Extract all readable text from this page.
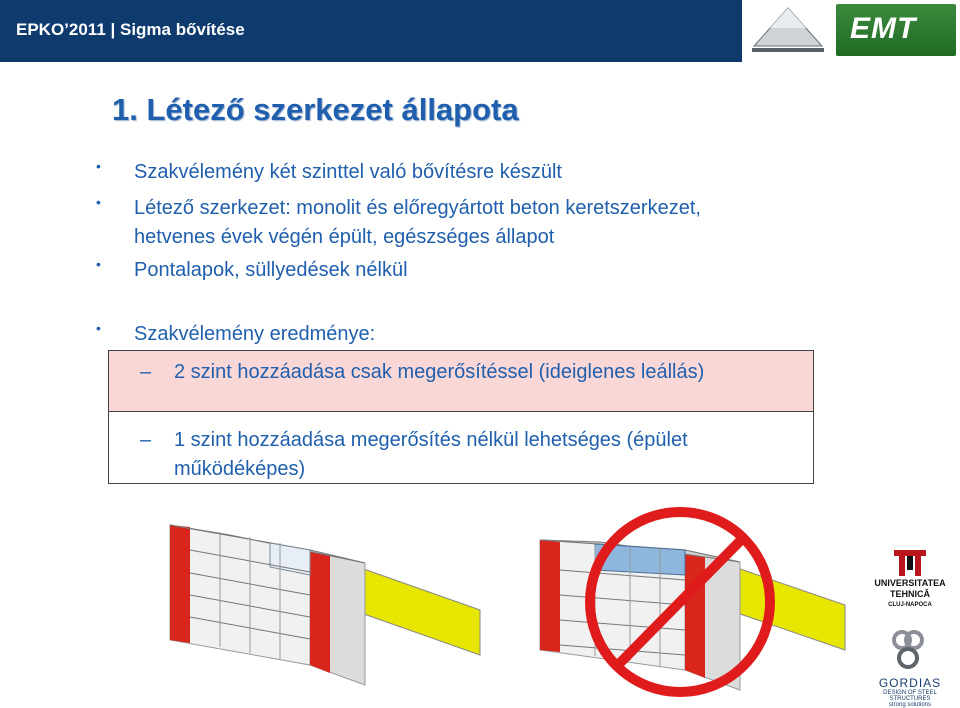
EPKO’2011 | Sigma bővítése	EMT
1. Létező szerkezet állapota
•	Szakvélemény két szinttel való bővítésre készült
•	Létező szerkezet: monolit és előregyártott beton keretszerkezet,
hetvenes évek végén épült, egészséges állapot
•	Pontalapok, süllyedések nélkül
•	Szakvélemény eredménye:
–	2 szint hozzáadása csak megerősítéssel (ideiglenes leállás)
–	1 szint hozzáadása megerősítés nélkül lehetséges (épület
működéképes)
UNIVERSITATEA
TEHNICĂ
CLUJ-NAPOCA
GORDIAS
DESIGN OF STEEL STRUCTURES
strong solutions
